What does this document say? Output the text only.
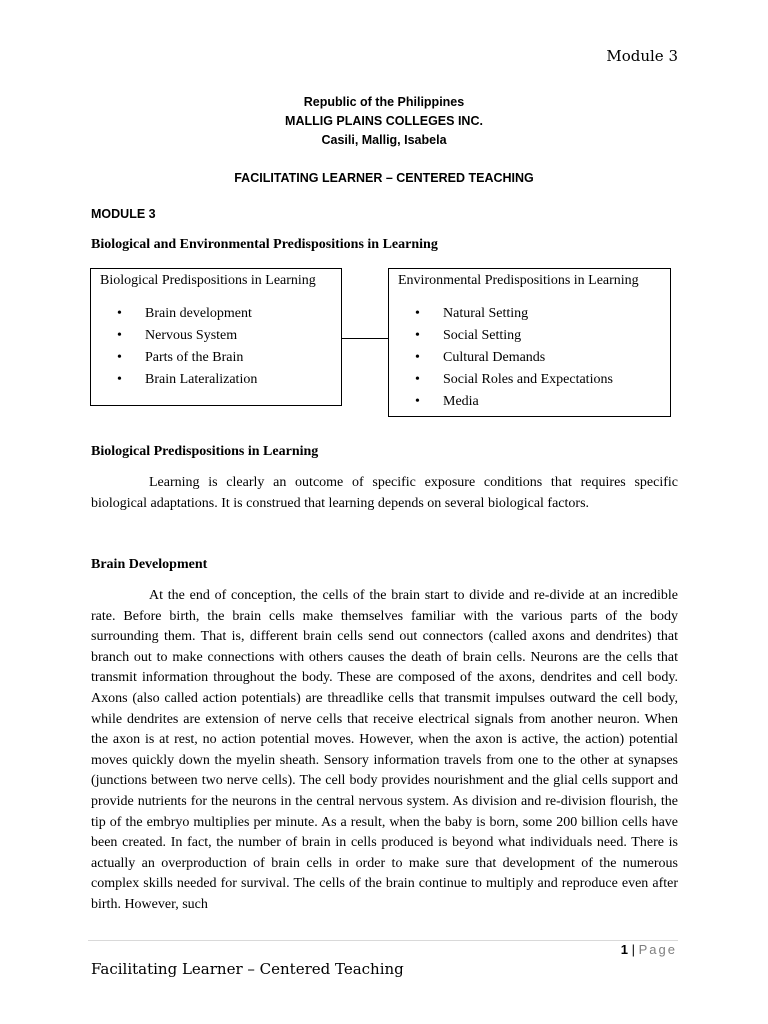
Module 3
Republic of the Philippines
MALLIG PLAINS COLLEGES INC.
Casili, Mallig, Isabela
FACILITATING LEARNER – CENTERED TEACHING
MODULE 3
Biological and Environmental Predispositions in Learning
Biological Predispositions in Learning
• Brain development
• Nervous System
• Parts of the Brain
• Brain Lateralization
Environmental Predispositions in Learning
• Natural Setting
• Social Setting
• Cultural Demands
• Social Roles and Expectations
• Media
Biological Predispositions in Learning

Learning is clearly an outcome of specific exposure conditions that requires specific biological adaptations. It is construed that learning depends on several biological factors.

Brain Development

At the end of conception, the cells of the brain start to divide and re-divide at an incredible rate. Before birth, the brain cells make themselves familiar with the various parts of the body surrounding them. That is, different brain cells send out connectors (called axons and dendrites) that branch out to make connections with others causes the death of brain cells. Neurons are the cells that transmit information throughout the body. These are composed of the axons, dendrites and cell body. Axons (also called action potentials) are threadlike cells that transmit impulses outward the cell body, while dendrites are extension of nerve cells that receive electrical signals from another neuron. When the axon is at rest, no action potential moves. However, when the axon is active, the action) potential moves quickly down the myelin sheath. Sensory information travels from one to the other at synapses (junctions between two nerve cells). The cell body provides nourishment and the glial cells support and provide nutrients for the neurons in the central nervous system. As division and re-division flourish, the tip of the embryo multiplies per minute. As a result, when the baby is born, some 200 billion cells have been created. In fact, the number of brain in cells produced is beyond what individuals need. There is actually an overproduction of brain cells in order to make sure that development of the numerous complex skills needed for survival. The cells of the brain continue to multiply and reproduce even after birth. However, such

1 | Page
Facilitating Learner – Centered Teaching
